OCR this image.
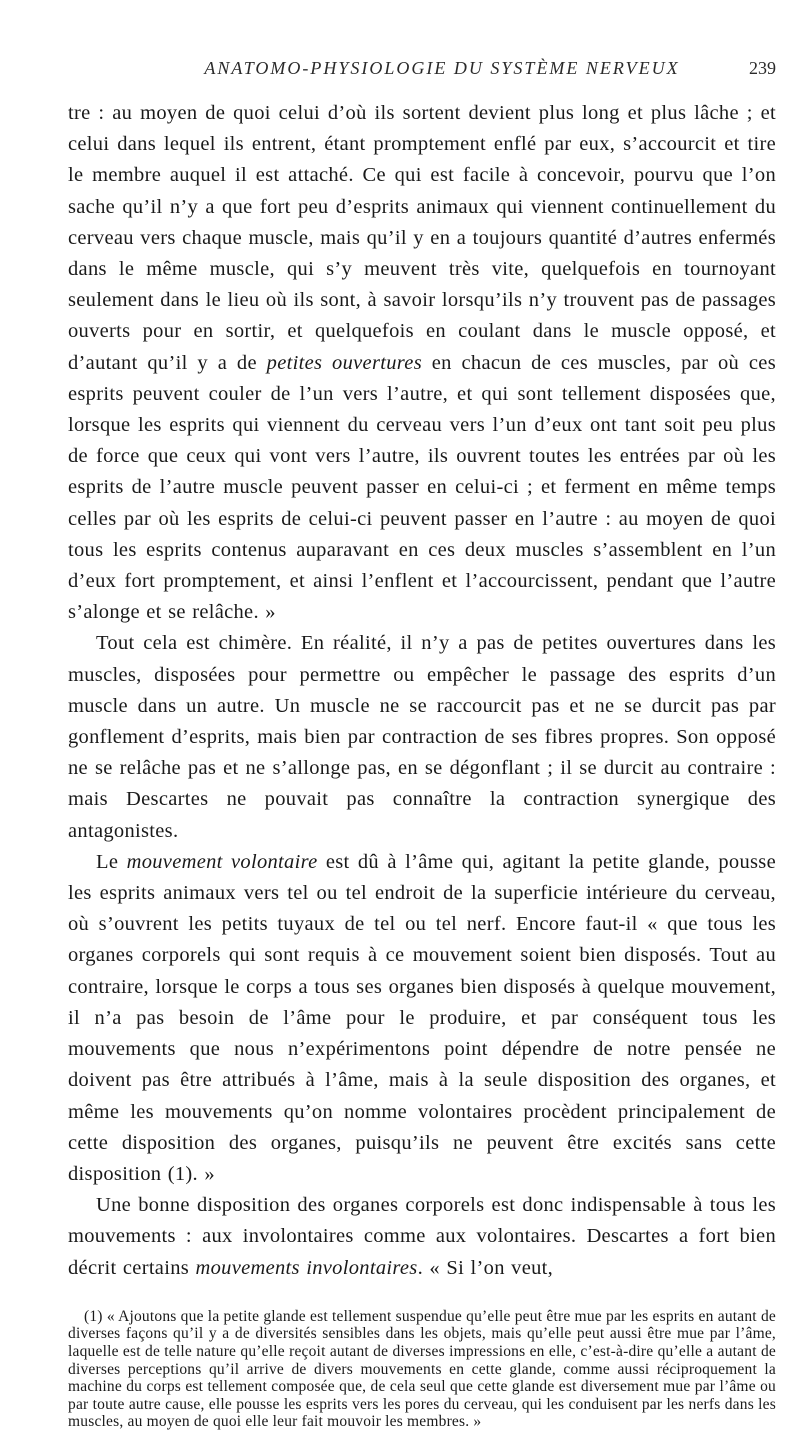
ANATOMO-PHYSIOLOGIE DU SYSTÈME NERVEUX	239

tre : au moyen de quoi celui d’où ils sortent devient plus long et plus lâche ; et celui dans lequel ils entrent, étant promptement enflé par eux, s’accourcit et tire le membre auquel il est attaché. Ce qui est facile à concevoir, pourvu que l’on sache qu’il n’y a que fort peu d’esprits animaux qui viennent continuellement du cerveau vers chaque muscle, mais qu’il y en a toujours quantité d’autres enfermés dans le même muscle, qui s’y meuvent très vite, quelquefois en tournoyant seulement dans le lieu où ils sont, à savoir lorsqu’ils n’y trouvent pas de passages ouverts pour en sortir, et quelquefois en coulant dans le muscle opposé, et d’autant qu’il y a de petites ouvertures en chacun de ces muscles, par où ces esprits peuvent couler de l’un vers l’autre, et qui sont tellement disposées que, lorsque les esprits qui viennent du cerveau vers l’un d’eux ont tant soit peu plus de force que ceux qui vont vers l’autre, ils ouvrent toutes les entrées par où les esprits de l’autre muscle peuvent passer en celui-ci ; et ferment en même temps celles par où les esprits de celui-ci peuvent passer en l’autre : au moyen de quoi tous les esprits contenus auparavant en ces deux muscles s’assemblent en l’un d’eux fort promptement, et ainsi l’enflent et l’accourcissent, pendant que l’autre s’alonge et se relâche. »

Tout cela est chimère. En réalité, il n’y a pas de petites ouvertures dans les muscles, disposées pour permettre ou empêcher le passage des esprits d’un muscle dans un autre. Un muscle ne se raccourcit pas et ne se durcit pas par gonflement d’esprits, mais bien par contraction de ses fibres propres. Son opposé ne se relâche pas et ne s’allonge pas, en se dégonflant ; il se durcit au contraire : mais Descartes ne pouvait pas connaître la contraction synergique des antagonistes.

Le mouvement volontaire est dû à l’âme qui, agitant la petite glande, pousse les esprits animaux vers tel ou tel endroit de la superficie intérieure du cerveau, où s’ouvrent les petits tuyaux de tel ou tel nerf. Encore faut-il « que tous les organes corporels qui sont requis à ce mouvement soient bien disposés. Tout au contraire, lorsque le corps a tous ses organes bien disposés à quelque mouvement, il n’a pas besoin de l’âme pour le produire, et par conséquent tous les mouvements que nous n’expérimentons point dépendre de notre pensée ne doivent pas être attribués à l’âme, mais à la seule disposition des organes, et même les mouvements qu’on nomme volontaires procèdent principalement de cette disposition des organes, puisqu’ils ne peuvent être excités sans cette disposition (1). »

Une bonne disposition des organes corporels est donc indispensable à tous les mouvements : aux involontaires comme aux volontaires. Descartes a fort bien décrit certains mouvements involontaires. « Si l’on veut,

(1) « Ajoutons que la petite glande est tellement suspendue qu’elle peut être mue par les esprits en autant de diverses façons qu’il y a de diversités sensibles dans les objets, mais qu’elle peut aussi être mue par l’âme, laquelle est de telle nature qu’elle reçoit autant de diverses impressions en elle, c’est-à-dire qu’elle a autant de diverses perceptions qu’il arrive de divers mouvements en cette glande, comme aussi réciproquement la machine du corps est tellement composée que, de cela seul que cette glande est diversement mue par l’âme ou par toute autre cause, elle pousse les esprits vers les pores du cerveau, qui les conduisent par les nerfs dans les muscles, au moyen de quoi elle leur fait mouvoir les membres. »
